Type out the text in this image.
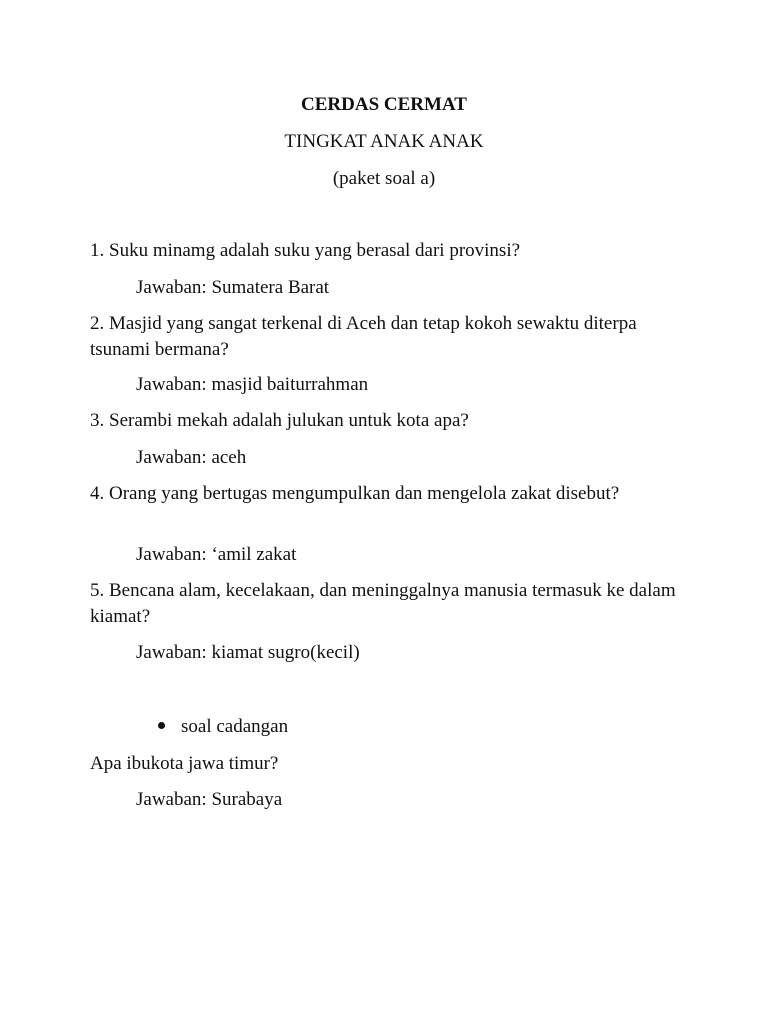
CERDAS CERMAT
TINGKAT ANAK ANAK
(paket soal a)
1. Suku minamg adalah suku yang berasal dari provinsi?
Jawaban: Sumatera Barat
2. Masjid yang sangat terkenal di Aceh dan tetap kokoh sewaktu diterpa tsunami bermana?
Jawaban: masjid baiturrahman
3. Serambi mekah adalah julukan untuk kota apa?
Jawaban: aceh
4. Orang yang bertugas mengumpulkan dan mengelola zakat disebut?
Jawaban: ‘amil zakat
5. Bencana alam, kecelakaan, dan meninggalnya manusia termasuk ke dalam kiamat?
Jawaban: kiamat sugro(kecil)
soal cadangan
Apa ibukota jawa timur?
Jawaban: Surabaya
